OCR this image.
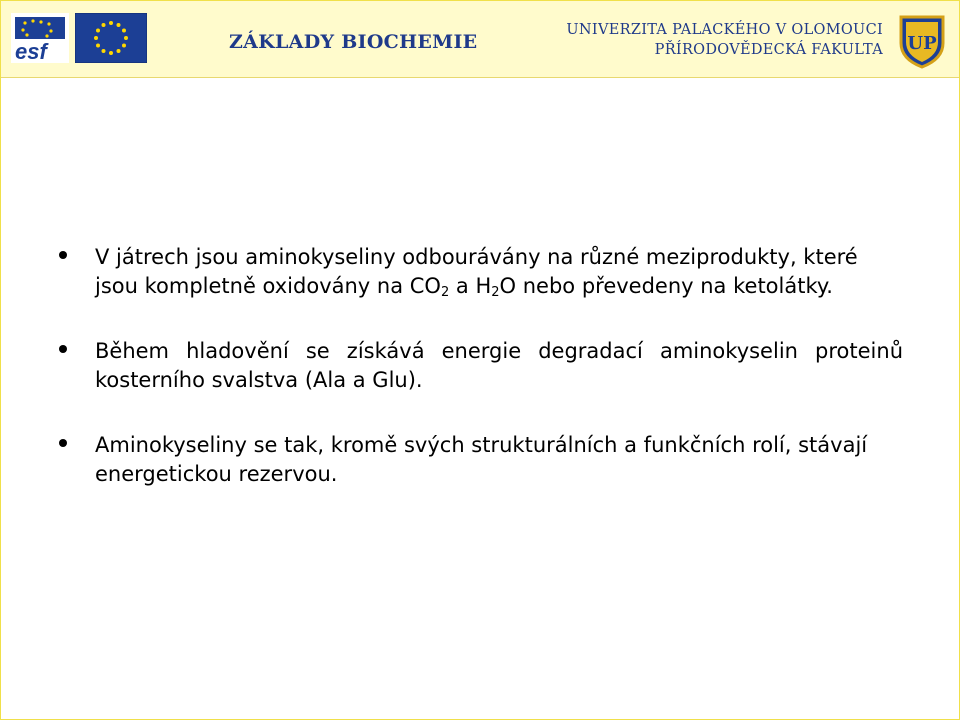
esf	ZÁKLADY BIOCHEMIE
UNIVERZITA PALACKÉHO V OLOMOUCI
PŘÍRODOVĚDECKÁ FAKULTA UP
V játrech jsou aminokyseliny odbourávány na různé meziprodukty, které jsou kompletně oxidovány na $CO_2$ a $H_2O$ nebo převedeny na ketolátky.
Během hladovění se získává energie degradací aminokyselin proteinů kosterního svalstva (Ala a Glu).
Aminokyseliny se tak, kromě svých strukturálních a funkčních rolí, stávají energetickou rezervou.
